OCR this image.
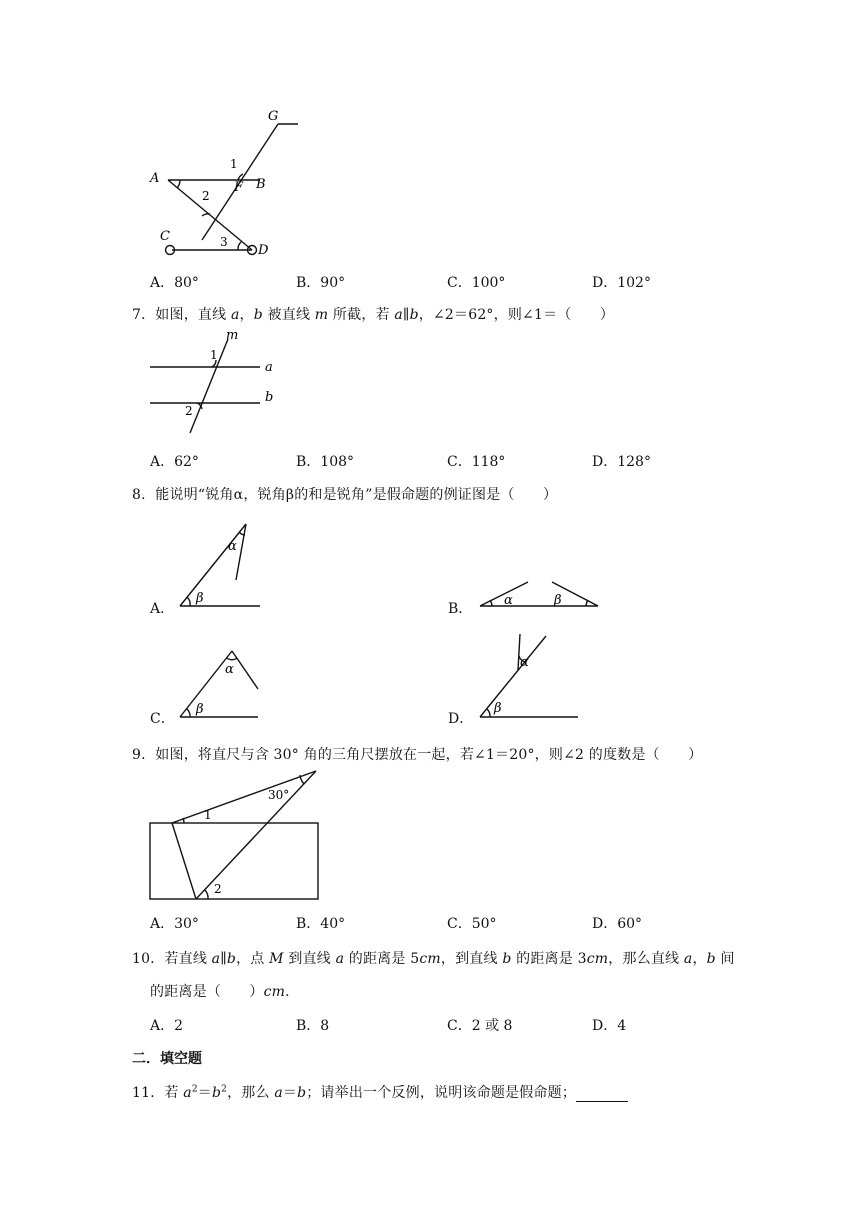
G
1
A
F B
2
C	3
D
A．80°	B．90°	C．100°	D．102°
7．如图，直线 a，b 被直线 m 所截，若 a∥b，∠2＝62°，则∠1＝（　　）
m
1
a
b
2
A．62°	B．108°	C．118°	D．128°
8．能说明“锐角α，锐角β的和是锐角”是假命题的例证图是（　　）
A．
α
β
B．
α	β
C．
α
β
D．
α
β
9．如图，将直尺与含 30° 角的三角尺摆放在一起，若∠1＝20°，则∠2 的度数是（　　）
1
30°
2
A．30°	B．40°	C．50°	D．60°
10．若直线 a∥b，点 M 到直线 a 的距离是 5cm，到直线 b 的距离是 3cm，那么直线 a，b 间
的距离是（　　）cm.
A．2	B．8	C．2 或 8	D．4
二．填空题
11．若 $a^2=b^2$，那么 a＝b；请举出一个反例，说明该命题是假命题；
